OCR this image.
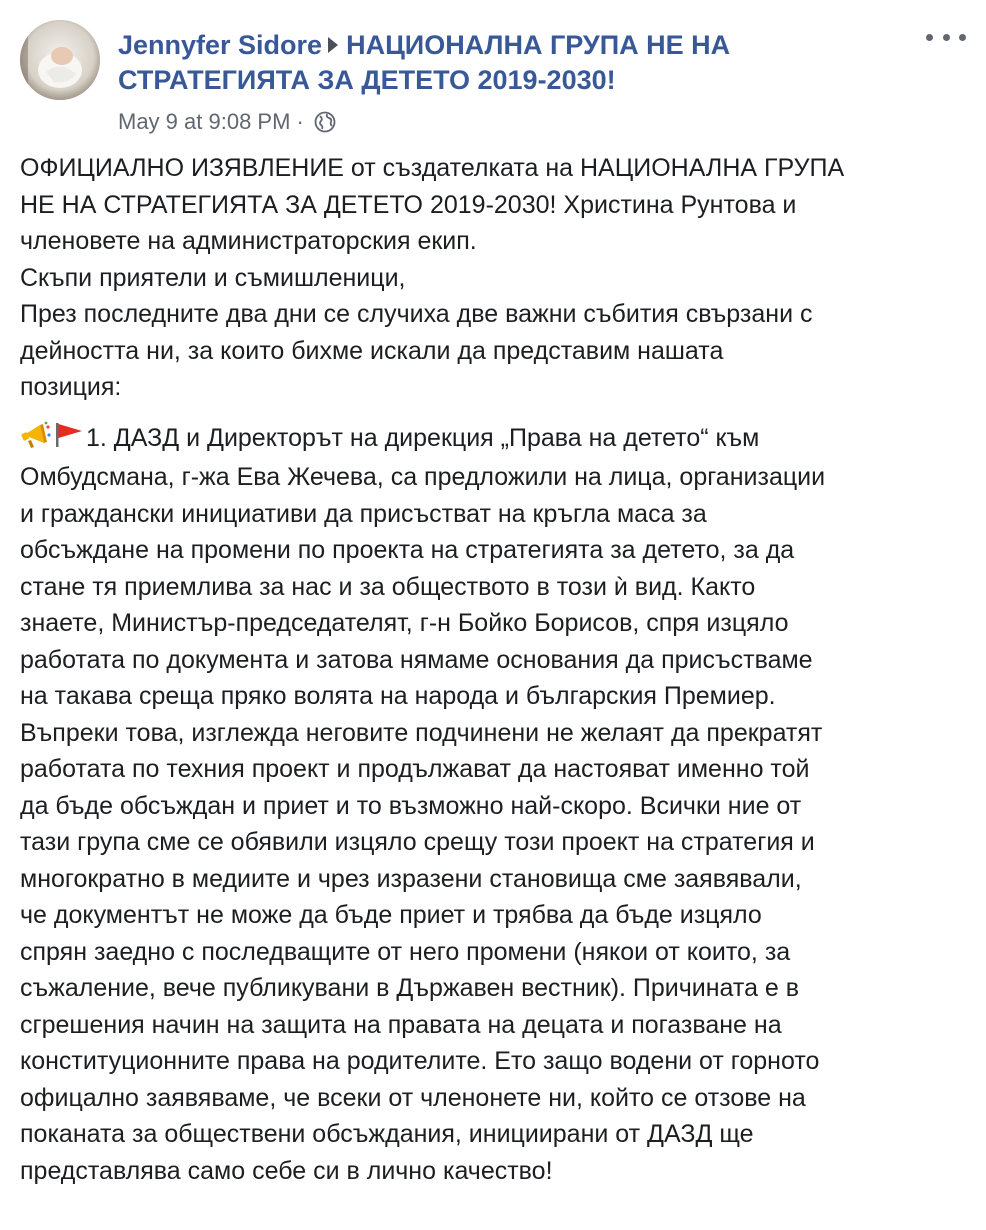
Jennyfer Sidore НАЦИОНАЛНА ГРУПА НЕ НА
СТРАТЕГИЯТА ЗА ДЕТЕТО 2019-2030!
May 9 at 9:08 PM ·

ОФИЦИАЛНО ИЗЯВЛЕНИЕ от създателката на НАЦИОНАЛНА ГРУПА

НЕ НА СТРАТЕГИЯТА ЗА ДЕТЕТО 2019-2030! Христина Рунтова и

членовете на администраторския екип.

Скъпи приятели и съмишленици,

През последните два дни се случиха две важни събития свързани с

дейността ни, за които бихме искали да представим нашата

позиция:

1. ДАЗД и Директорът на дирекция „Права на детето“ към

Омбудсмана, г-жа Ева Жечева, са предложили на лица, организации

и граждански инициативи да присъстват на кръгла маса за

обсъждане на промени по проекта на стратегията за детето, за да

стане тя приемлива за нас и за обществото в този ѝ вид. Както

знаете, Министър-председателят, г-н Бойко Борисов, спря изцяло

работата по документа и затова нямаме основания да присъстваме

на такава среща пряко волята на народа и българския Премиер.

Въпреки това, изглежда неговите подчинени не желаят да прекратят

работата по техния проект и продължават да настояват именно той

да бъде обсъждан и приет и то възможно най-скоро. Всички ние от

тази група сме се обявили изцяло срещу този проект на стратегия и

многократно в медиите и чрез изразени становища сме заявявали,

че документът не може да бъде приет и трябва да бъде изцяло

спрян заедно с последващите от него промени (някои от които, за

съжаление, вече публикувани в Държавен вестник). Причината е в

сгрешения начин на защита на правата на децата и погазване на

конституционните права на родителите. Ето защо водени от горното

офицално заявяваме, че всеки от членонете ни, който се отзове на

поканата за обществени обсъждания, инициирани от ДАЗД ще

представлява само себе си в лично качество!
